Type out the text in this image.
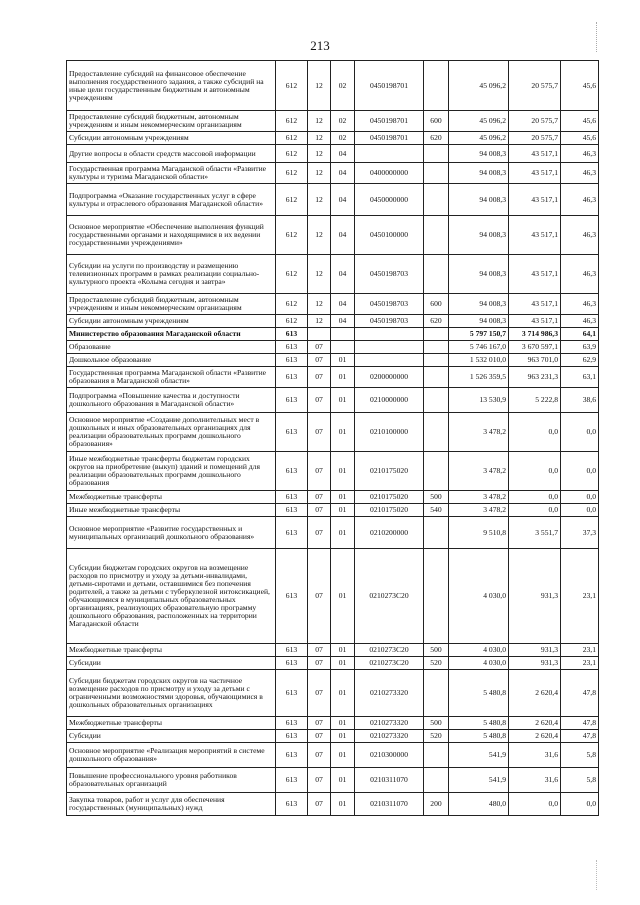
213
Предоставление субсидий на финансовое обеспечение выполнения государственного задания, а также субсидий на иные цели государственным бюджетным и автономным учреждениям	612	12	02	0450198701		45 096,2	20 575,7	45,6
Предоставление субсидий бюджетным, автономным учреждениям и иным некоммерческим организациям	612	12	02	0450198701	600	45 096,2	20 575,7	45,6
Субсидии автономным учреждениям	612	12	02	0450198701	620	45 096,2	20 575,7	45,6
Другие вопросы в области средств массовой информации	612	12	04			94 008,3	43 517,1	46,3
Государственная программа Магаданской области «Развитие культуры и туризма Магаданской области»	612	12	04	0400000000		94 008,3	43 517,1	46,3
Подпрограмма «Оказание государственных услуг в сфере культуры и отраслевого образования Магаданской области»	612	12	04	0450000000		94 008,3	43 517,1	46,3
Основное мероприятие «Обеспечение выполнения функций государственными органами и находящимися в их ведении государственными учреждениями»	612	12	04	0450100000		94 008,3	43 517,1	46,3
Субсидии на услуги по производству и размещению телевизионных программ в рамках реализации социально-культурного проекта «Колыма сегодня и завтра»	612	12	04	0450198703		94 008,3	43 517,1	46,3
Предоставление субсидий бюджетным, автономным учреждениям и иным некоммерческим организациям	612	12	04	0450198703	600	94 008,3	43 517,1	46,3
Субсидии автономным учреждениям	612	12	04	0450198703	620	94 008,3	43 517,1	46,3
Министерство образования Магаданской области	613					5 797 150,7	3 714 986,3	64,1
Образование	613	07				5 746 167,0	3 670 597,1	63,9
Дошкольное образование	613	07	01			1 532 010,0	963 701,0	62,9
Государственная программа Магаданской области «Развитие образования в Магаданской области»	613	07	01	0200000000		1 526 359,5	963 231,3	63,1
Подпрограмма «Повышение качества и доступности дошкольного образования в Магаданской области»	613	07	01	0210000000		13 530,9	5 222,8	38,6
Основное мероприятие «Создание дополнительных мест в дошкольных и иных образовательных организациях для реализации образовательных программ дошкольного образования»	613	07	01	0210100000		3 478,2	0,0	0,0
Иные межбюджетные трансферты бюджетам городских округов на приобретение (выкуп) зданий и помещений для реализации образовательных программ дошкольного образования	613	07	01	0210175020		3 478,2	0,0	0,0
Межбюджетные трансферты	613	07	01	0210175020	500	3 478,2	0,0	0,0
Иные межбюджетные трансферты	613	07	01	0210175020	540	3 478,2	0,0	0,0
Основное мероприятие «Развитие государственных и муниципальных организаций дошкольного образования»	613	07	01	0210200000		9 510,8	3 551,7	37,3
Субсидии бюджетам городских округов на возмещение расходов по присмотру и уходу за детьми-инвалидами, детьми-сиротами и детьми, оставшимися без попечения родителей, а также за детьми с туберкулезной интоксикацией, обучающимися в муниципальных образовательных организациях, реализующих образовательную программу дошкольного образования, расположенных на территории Магаданской области	613	07	01	0210273С20		4 030,0	931,3	23,1
Межбюджетные трансферты	613	07	01	0210273С20	500	4 030,0	931,3	23,1
Субсидии	613	07	01	0210273С20	520	4 030,0	931,3	23,1
Субсидии бюджетам городских округов на частичное возмещение расходов по присмотру и уходу за детьми с ограниченными возможностями здоровья, обучающимися в дошкольных образовательных организациях	613	07	01	0210273320		5 480,8	2 620,4	47,8
Межбюджетные трансферты	613	07	01	0210273320	500	5 480,8	2 620,4	47,8
Субсидии	613	07	01	0210273320	520	5 480,8	2 620,4	47,8
Основное мероприятие «Реализация мероприятий в системе дошкольного образования»	613	07	01	0210300000		541,9	31,6	5,8
Повышение профессионального уровня работников образовательных организаций	613	07	01	0210311070		541,9	31,6	5,8
Закупка товаров, работ и услуг для обеспечения государственных (муниципальных) нужд	613	07	01	0210311070	200	480,0	0,0	0,0
